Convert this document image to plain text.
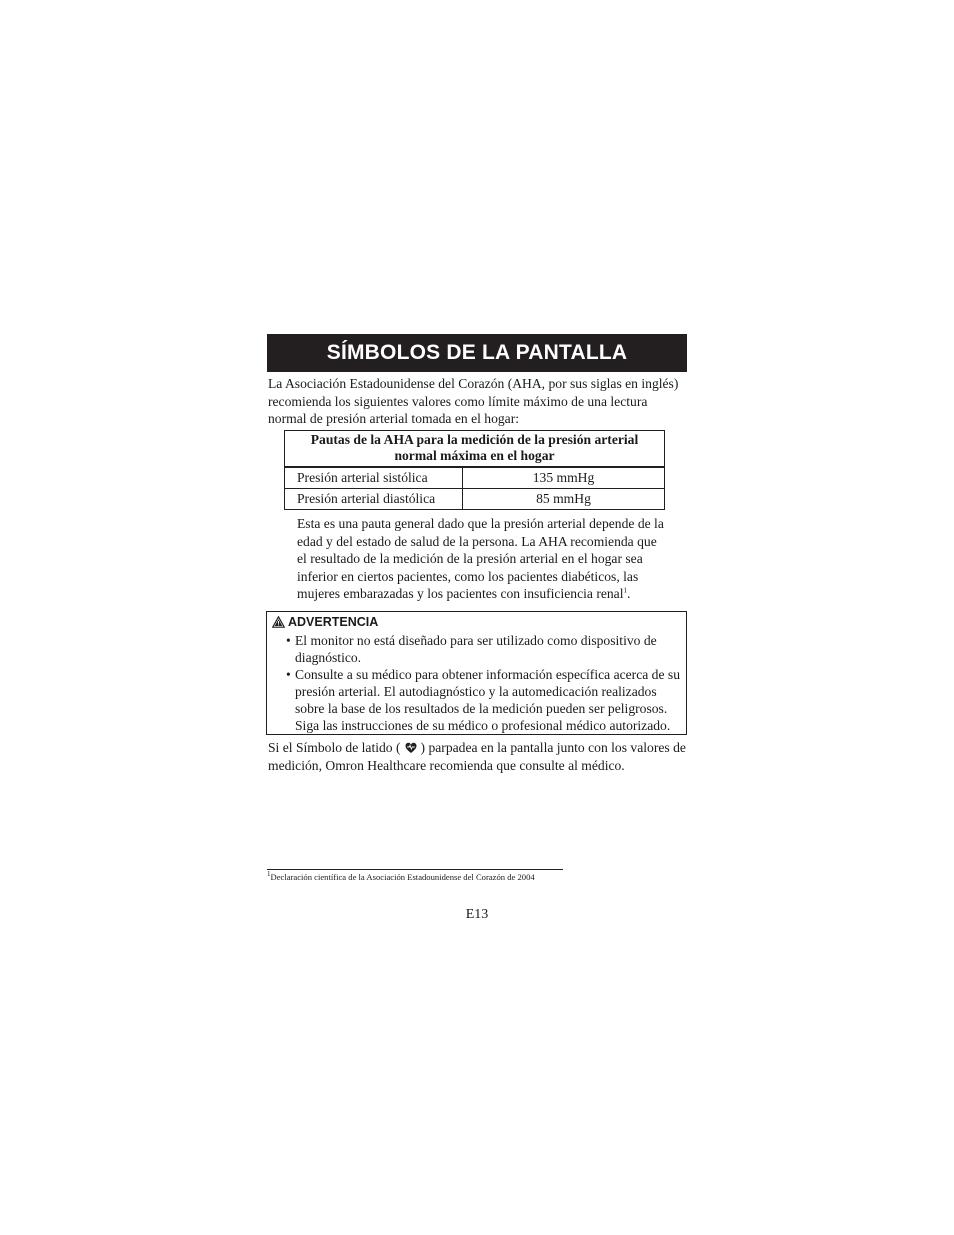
SÍMBOLOS DE LA PANTALLA

La Asociación Estadounidense del Corazón (AHA, por sus siglas en inglés) recomienda los siguientes valores como límite máximo de una lectura normal de presión arterial tomada en el hogar:

Pautas de la AHA para la medición de la presión arterial normal máxima en el hogar	
Presión arterial sistólica	135 mmHg
Presión arterial diastólica	85 mmHg

Esta es una pauta general dado que la presión arterial depende de la edad y del estado de salud de la persona. La AHA recomienda que el resultado de la medición de la presión arterial en el hogar sea inferior en ciertos pacientes, como los pacientes diabéticos, las mujeres embarazadas y los pacientes con insuficiencia renal$^1$.

ADVERTENCIA
• El monitor no está diseñado para ser utilizado como dispositivo de diagnóstico.
• Consulte a su médico para obtener información específica acerca de su presión arterial. El autodiagnóstico y la automedicación realizados sobre la base de los resultados de la medición pueden ser peligrosos. Siga las instrucciones de su médico o profesional médico autorizado.

Si el Símbolo de latido ( ) parpadea en la pantalla junto con los valores de medición, Omron Healthcare recomienda que consulte al médico.

$^1$Declaración científica de la Asociación Estadounidense del Corazón de 2004
E13
